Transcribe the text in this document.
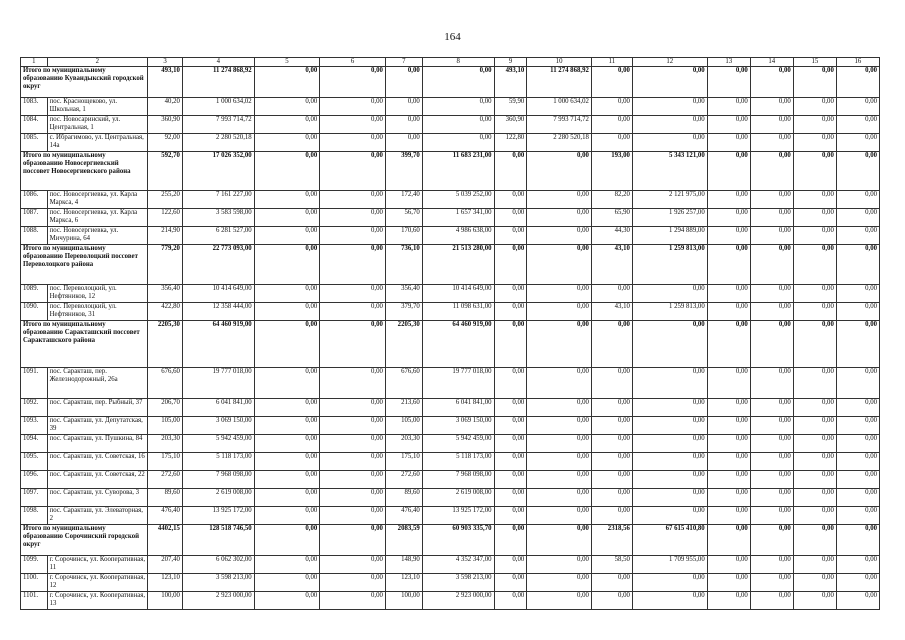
164
1	2	3	4	5	6	7	8	9	10	11	12	13	14	15	16
Итого по муниципальному образованию Кувандыкский городской округ		493,10	11 274 868,92	0,00	0,00	0,00	0,00	493,10	11 274 868,92	0,00	0,00	0,00	0,00	0,00	0,00
1083.	пос. Краснощеково, ул. Школьная, 1	40,20	1 000 634,02	0,00	0,00	0,00	0,00	59,90	1 000 634,02	0,00	0,00	0,00	0,00	0,00	0,00
1084.	пос. Новосаринский, ул. Центральная, 1	360,90	7 993 714,72	0,00	0,00	0,00	0,00	360,90	7 993 714,72	0,00	0,00	0,00	0,00	0,00	0,00
1085.	с. Ибрагимово, ул. Центральная, 14а	92,00	2 280 520,18	0,00	0,00	0,00	0,00	122,80	2 280 520,18	0,00	0,00	0,00	0,00	0,00	0,00
Итого по муниципальному образованию Новосергиевский поссовет Новосергиевского района		592,70	17 026 352,00	0,00	0,00	399,70	11 683 231,00	0,00	0,00	193,00	5 343 121,00	0,00	0,00	0,00	0,00
1086.	пос. Новосергиевка, ул. Карла Маркса, 4	255,20	7 161 227,00	0,00	0,00	172,40	5 039 252,00	0,00	0,00	82,20	2 121 975,00	0,00	0,00	0,00	0,00
1087.	пос. Новосергиевка, ул. Карла Маркса, 6	122,60	3 583 598,00	0,00	0,00	56,70	1 657 341,00	0,00	0,00	65,90	1 926 257,00	0,00	0,00	0,00	0,00
1088.	пос. Новосергиевка, ул. Мичурина, 64	214,90	6 281 527,00	0,00	0,00	170,60	4 986 638,00	0,00	0,00	44,30	1 294 889,00	0,00	0,00	0,00	0,00
Итого по муниципальному образованию Переволоцкий поссовет Переволоцкого района		779,20	22 773 093,00	0,00	0,00	736,10	21 513 280,00	0,00	0,00	43,10	1 259 813,00	0,00	0,00	0,00	0,00
1089.	пос. Переволоцкий, ул. Нефтяников, 12	356,40	10 414 649,00	0,00	0,00	356,40	10 414 649,00	0,00	0,00	0,00	0,00	0,00	0,00	0,00	0,00
1090.	пос. Переволоцкий, ул. Нефтяников, 31	422,80	12 358 444,00	0,00	0,00	379,70	11 098 631,00	0,00	0,00	43,10	1 259 813,00	0,00	0,00	0,00	0,00
Итого по муниципальному образованию Саракташский поссовет Саракташского района		2205,30	64 460 919,00	0,00	0,00	2205,30	64 460 919,00	0,00	0,00	0,00	0,00	0,00	0,00	0,00	0,00
1091.	пос. Саракташ, пер. Железнодорожный, 26а	676,60	19 777 018,00	0,00	0,00	676,60	19 777 018,00	0,00	0,00	0,00	0,00	0,00	0,00	0,00	0,00
1092.	пос. Саракташ, пер. Рыбный, 37	206,70	6 041 841,00	0,00	0,00	213,60	6 041 841,00	0,00	0,00	0,00	0,00	0,00	0,00	0,00	0,00
1093.	пос. Саракташ, ул. Депутатская, 39	105,00	3 069 150,00	0,00	0,00	105,00	3 069 150,00	0,00	0,00	0,00	0,00	0,00	0,00	0,00	0,00
1094.	пос. Саракташ, ул. Пушкина, 84	203,30	5 942 459,00	0,00	0,00	203,30	5 942 459,00	0,00	0,00	0,00	0,00	0,00	0,00	0,00	0,00
1095.	пос. Саракташ, ул. Советская, 16	175,10	5 118 173,00	0,00	0,00	175,10	5 118 173,00	0,00	0,00	0,00	0,00	0,00	0,00	0,00	0,00
1096.	пос. Саракташ, ул. Советская, 22	272,60	7 968 098,00	0,00	0,00	272,60	7 968 098,00	0,00	0,00	0,00	0,00	0,00	0,00	0,00	0,00
1097.	пос. Саракташ, ул. Суворова, 3	89,60	2 619 008,00	0,00	0,00	89,60	2 619 008,00	0,00	0,00	0,00	0,00	0,00	0,00	0,00	0,00
1098.	пос. Саракташ, ул. Элеваторная, 2	476,40	13 925 172,00	0,00	0,00	476,40	13 925 172,00	0,00	0,00	0,00	0,00	0,00	0,00	0,00	0,00
Итого по муниципальному образованию Сорочинский городской округ		4402,15	128 518 746,50	0,00	0,00	2083,59	60 903 335,70	0,00	0,00	2318,56	67 615 410,80	0,00	0,00	0,00	0,00
1099.	г. Сорочинск, ул. Кооперативная, 11	207,40	6 062 302,00	0,00	0,00	148,90	4 352 347,00	0,00	0,00	58,50	1 709 955,00	0,00	0,00	0,00	0,00
1100.	г. Сорочинск, ул. Кооперативная, 12	123,10	3 598 213,00	0,00	0,00	123,10	3 598 213,00	0,00	0,00	0,00	0,00	0,00	0,00	0,00	0,00
1101.	г. Сорочинск, ул. Кооперативная, 13	100,00	2 923 000,00	0,00	0,00	100,00	2 923 000,00	0,00	0,00	0,00	0,00	0,00	0,00	0,00	0,00
